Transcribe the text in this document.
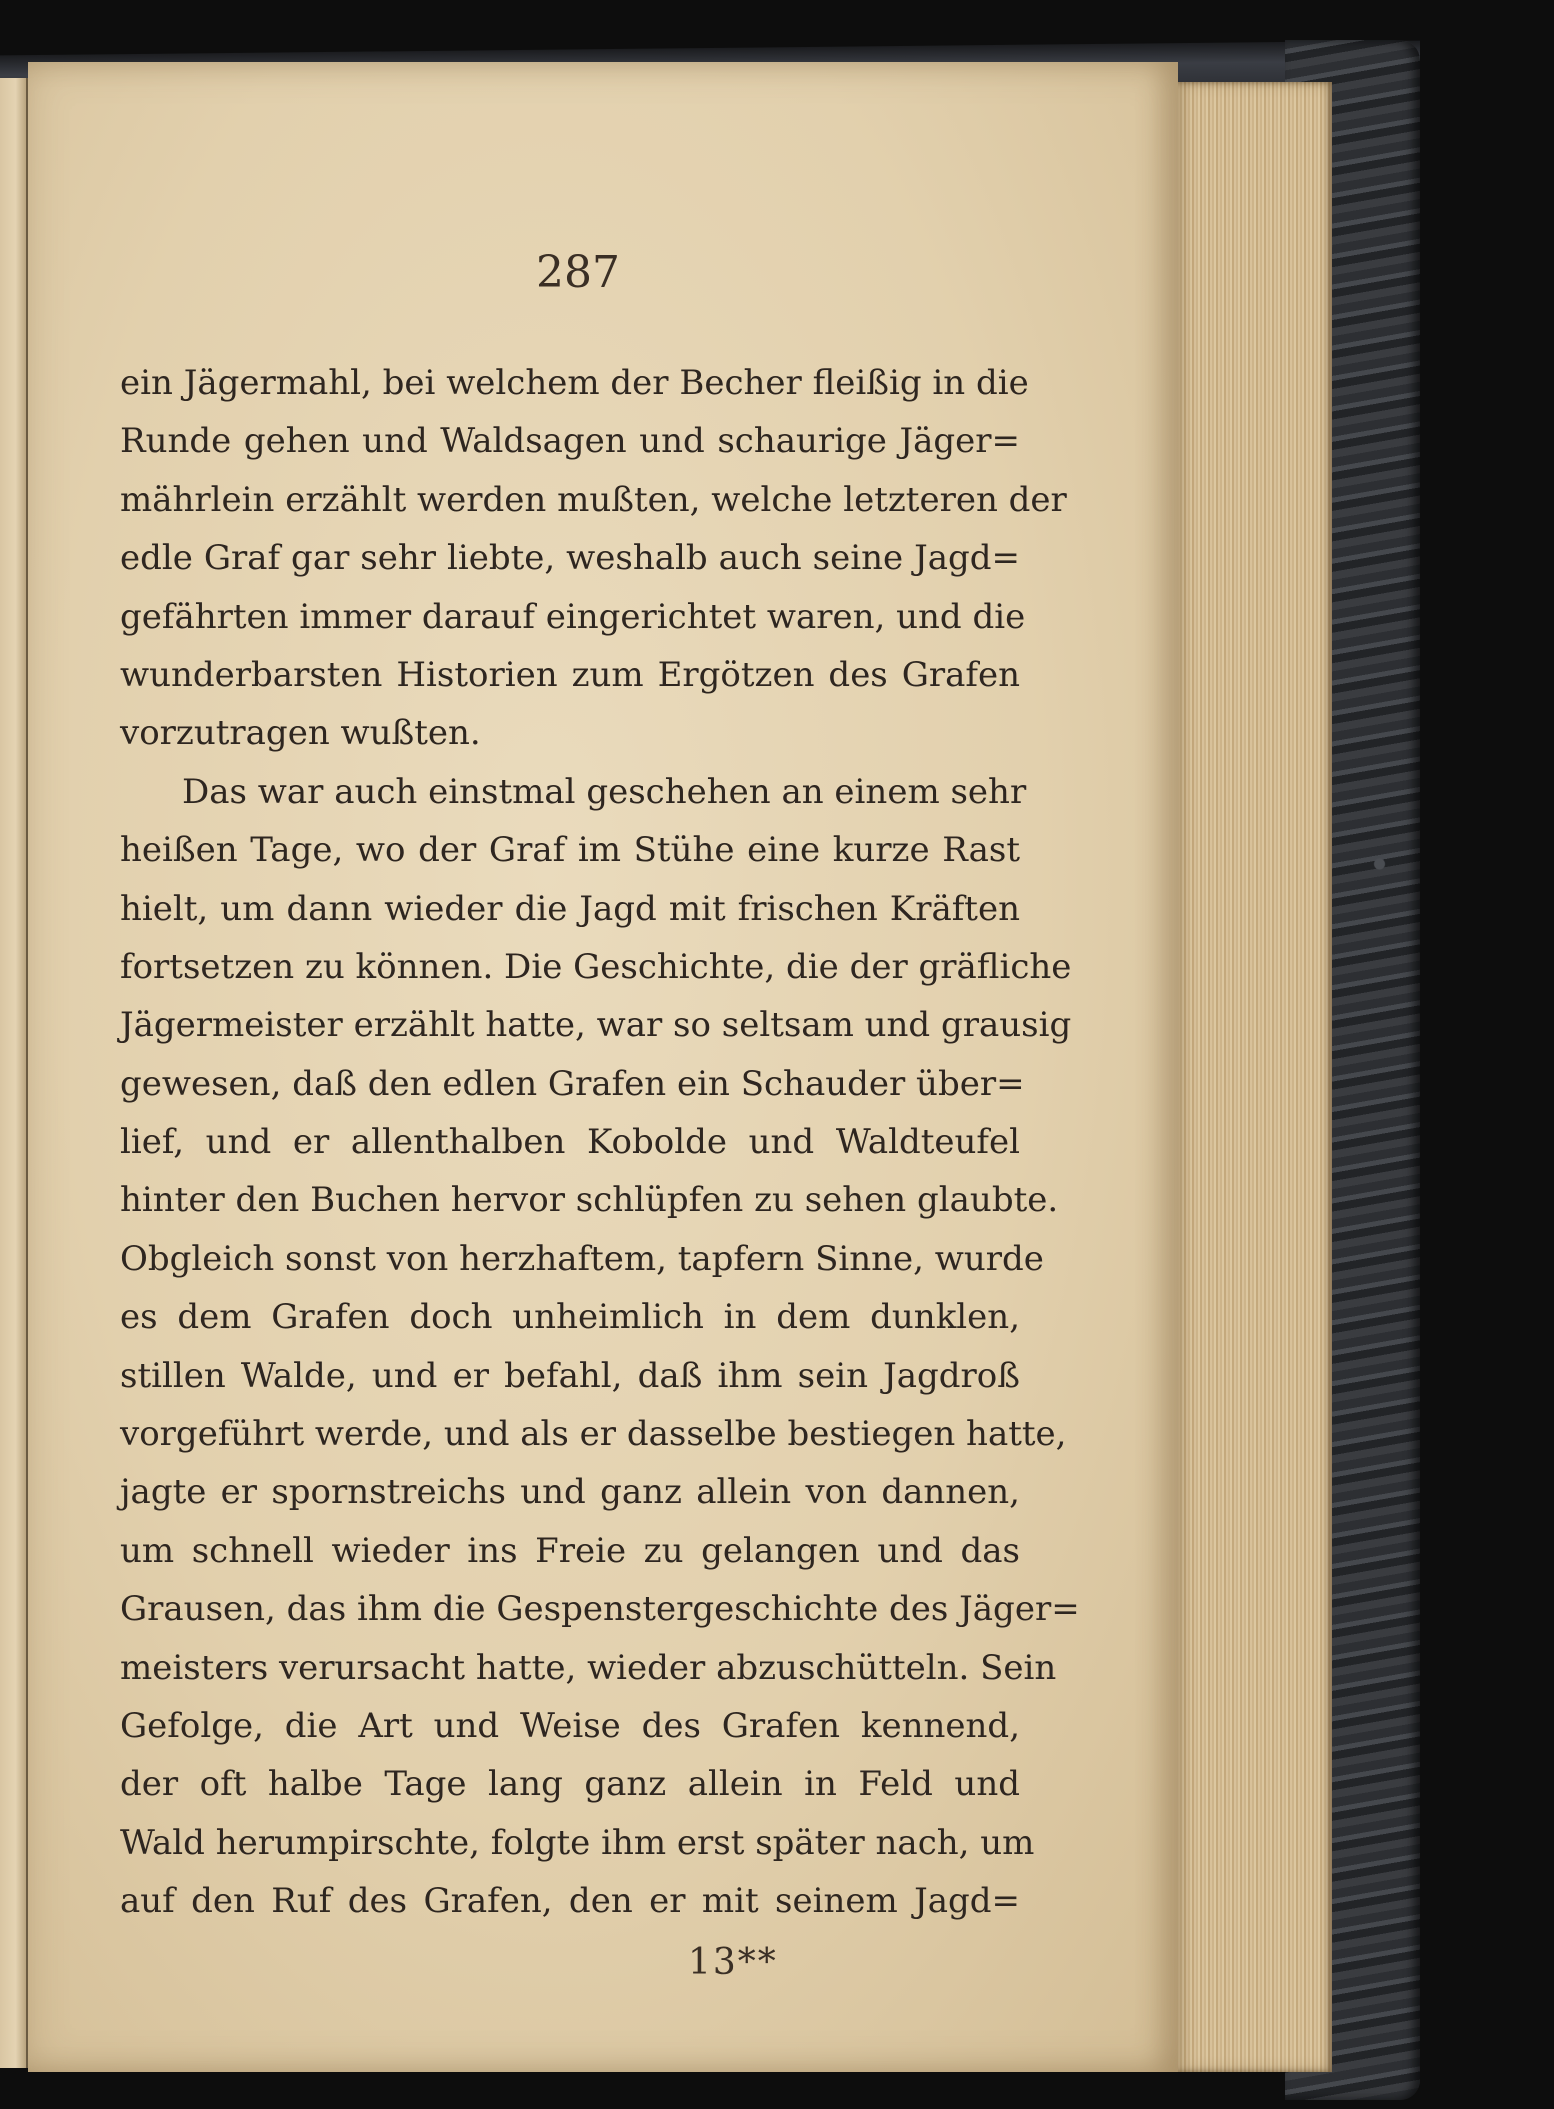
287
ein Jägermahl, bei welchem der Becher fleißig in die
Runde gehen und Waldsagen und schaurige Jäger=
mährlein erzählt werden mußten, welche letzteren der
edle Graf gar sehr liebte, weshalb auch seine Jagd=
gefährten immer darauf eingerichtet waren, und die
wunderbarsten Historien zum Ergötzen des Grafen
vorzutragen wußten.
Das war auch einstmal geschehen an einem sehr
heißen Tage, wo der Graf im Stühe eine kurze Rast
hielt, um dann wieder die Jagd mit frischen Kräften
fortsetzen zu können. Die Geschichte, die der gräfliche
Jägermeister erzählt hatte, war so seltsam und grausig
gewesen, daß den edlen Grafen ein Schauder über=
lief, und er allenthalben Kobolde und Waldteufel
hinter den Buchen hervor schlüpfen zu sehen glaubte.
Obgleich sonst von herzhaftem, tapfern Sinne, wurde
es dem Grafen doch unheimlich in dem dunklen,
stillen Walde, und er befahl, daß ihm sein Jagdroß
vorgeführt werde, und als er dasselbe bestiegen hatte,
jagte er spornstreichs und ganz allein von dannen,
um schnell wieder ins Freie zu gelangen und das
Grausen, das ihm die Gespenstergeschichte des Jäger=
meisters verursacht hatte, wieder abzuschütteln. Sein
Gefolge, die Art und Weise des Grafen kennend,
der oft halbe Tage lang ganz allein in Feld und
Wald herumpirschte, folgte ihm erst später nach, um
auf den Ruf des Grafen, den er mit seinem Jagd=
13**
